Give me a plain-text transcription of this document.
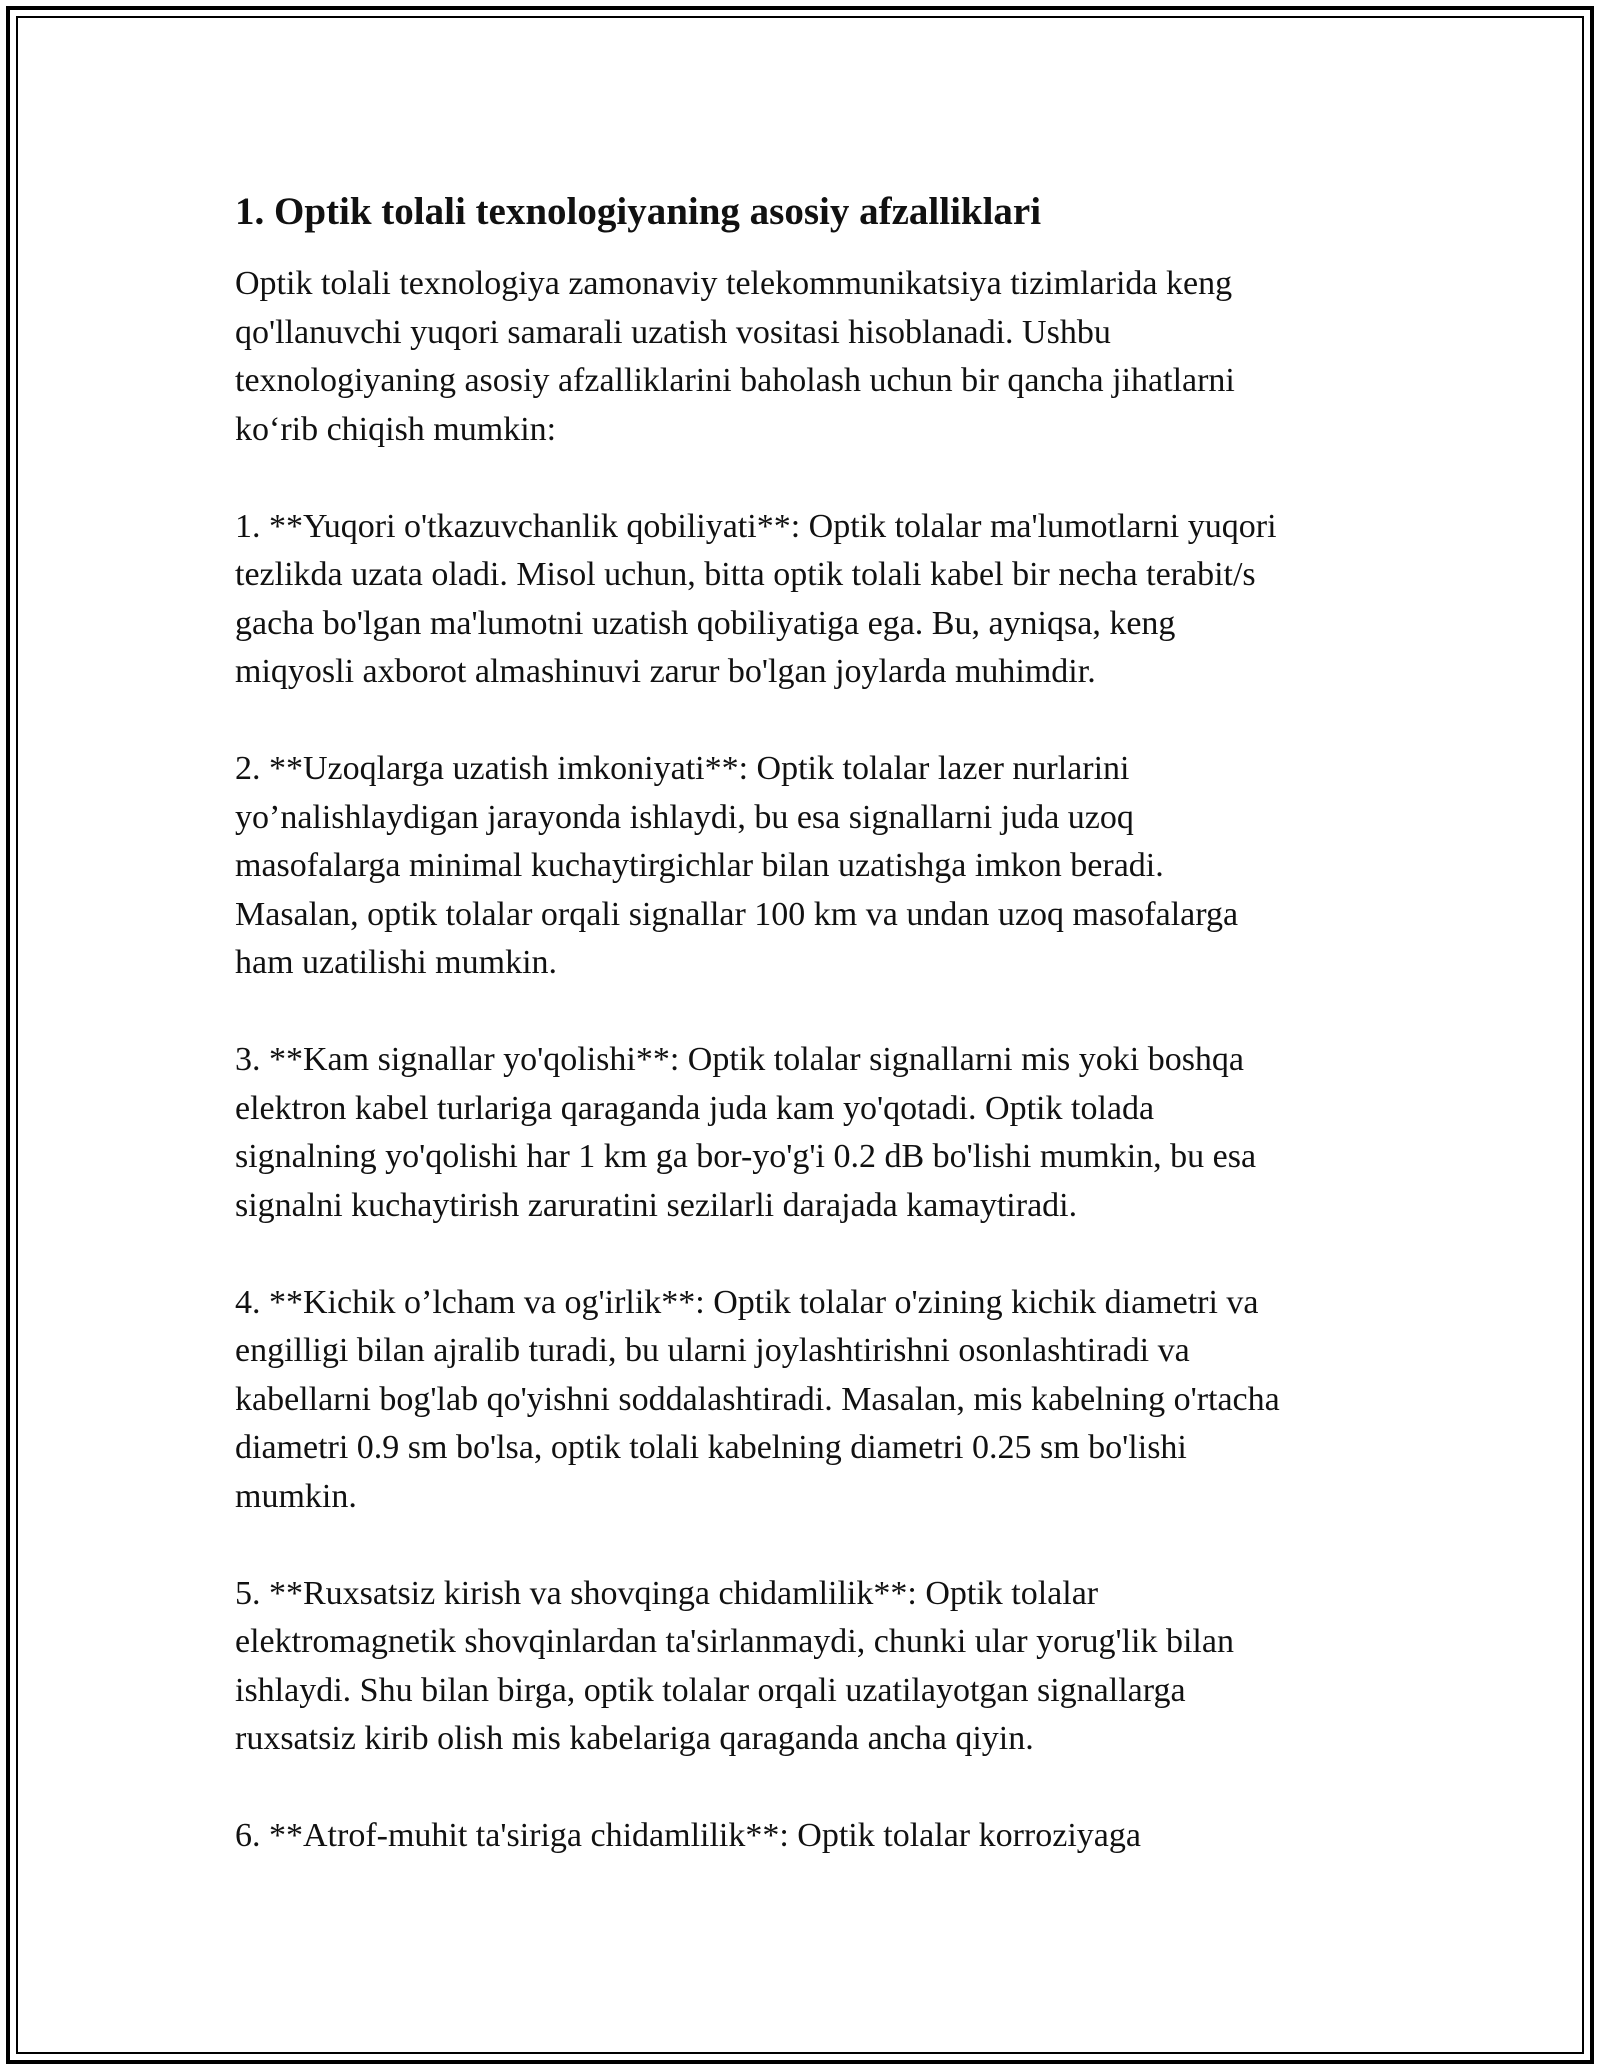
1. Optik tolali texnologiyaning asosiy afzalliklari

Optik tolali texnologiya zamonaviy telekommunikatsiya tizimlarida keng
qo'llanuvchi yuqori samarali uzatish vositasi hisoblanadi. Ushbu
texnologiyaning asosiy afzalliklarini baholash uchun bir qancha jihatlarni
ko‘rib chiqish mumkin:

1. **Yuqori o'tkazuvchanlik qobiliyati**: Optik tolalar ma'lumotlarni yuqori
tezlikda uzata oladi. Misol uchun, bitta optik tolali kabel bir necha terabit/s
gacha bo'lgan ma'lumotni uzatish qobiliyatiga ega. Bu, ayniqsa, keng
miqyosli axborot almashinuvi zarur bo'lgan joylarda muhimdir.

2. **Uzoqlarga uzatish imkoniyati**: Optik tolalar lazer nurlarini
yo’nalishlaydigan jarayonda ishlaydi, bu esa signallarni juda uzoq
masofalarga minimal kuchaytirgichlar bilan uzatishga imkon beradi.
Masalan, optik tolalar orqali signallar 100 km va undan uzoq masofalarga
ham uzatilishi mumkin.

3. **Kam signallar yo'qolishi**: Optik tolalar signallarni mis yoki boshqa
elektron kabel turlariga qaraganda juda kam yo'qotadi. Optik tolada
signalning yo'qolishi har 1 km ga bor-yo'g'i 0.2 dB bo'lishi mumkin, bu esa
signalni kuchaytirish zaruratini sezilarli darajada kamaytiradi.

4. **Kichik o’lcham va og'irlik**: Optik tolalar o'zining kichik diametri va
engilligi bilan ajralib turadi, bu ularni joylashtirishni osonlashtiradi va
kabellarni bog'lab qo'yishni soddalashtiradi. Masalan, mis kabelning o'rtacha
diametri 0.9 sm bo'lsa, optik tolali kabelning diametri 0.25 sm bo'lishi
mumkin.

5. **Ruxsatsiz kirish va shovqinga chidamlilik**: Optik tolalar
elektromagnetik shovqinlardan ta'sirlanmaydi, chunki ular yorug'lik bilan
ishlaydi. Shu bilan birga, optik tolalar orqali uzatilayotgan signallarga
ruxsatsiz kirib olish mis kabelariga qaraganda ancha qiyin.

6. **Atrof-muhit ta'siriga chidamlilik**: Optik tolalar korroziyaga
